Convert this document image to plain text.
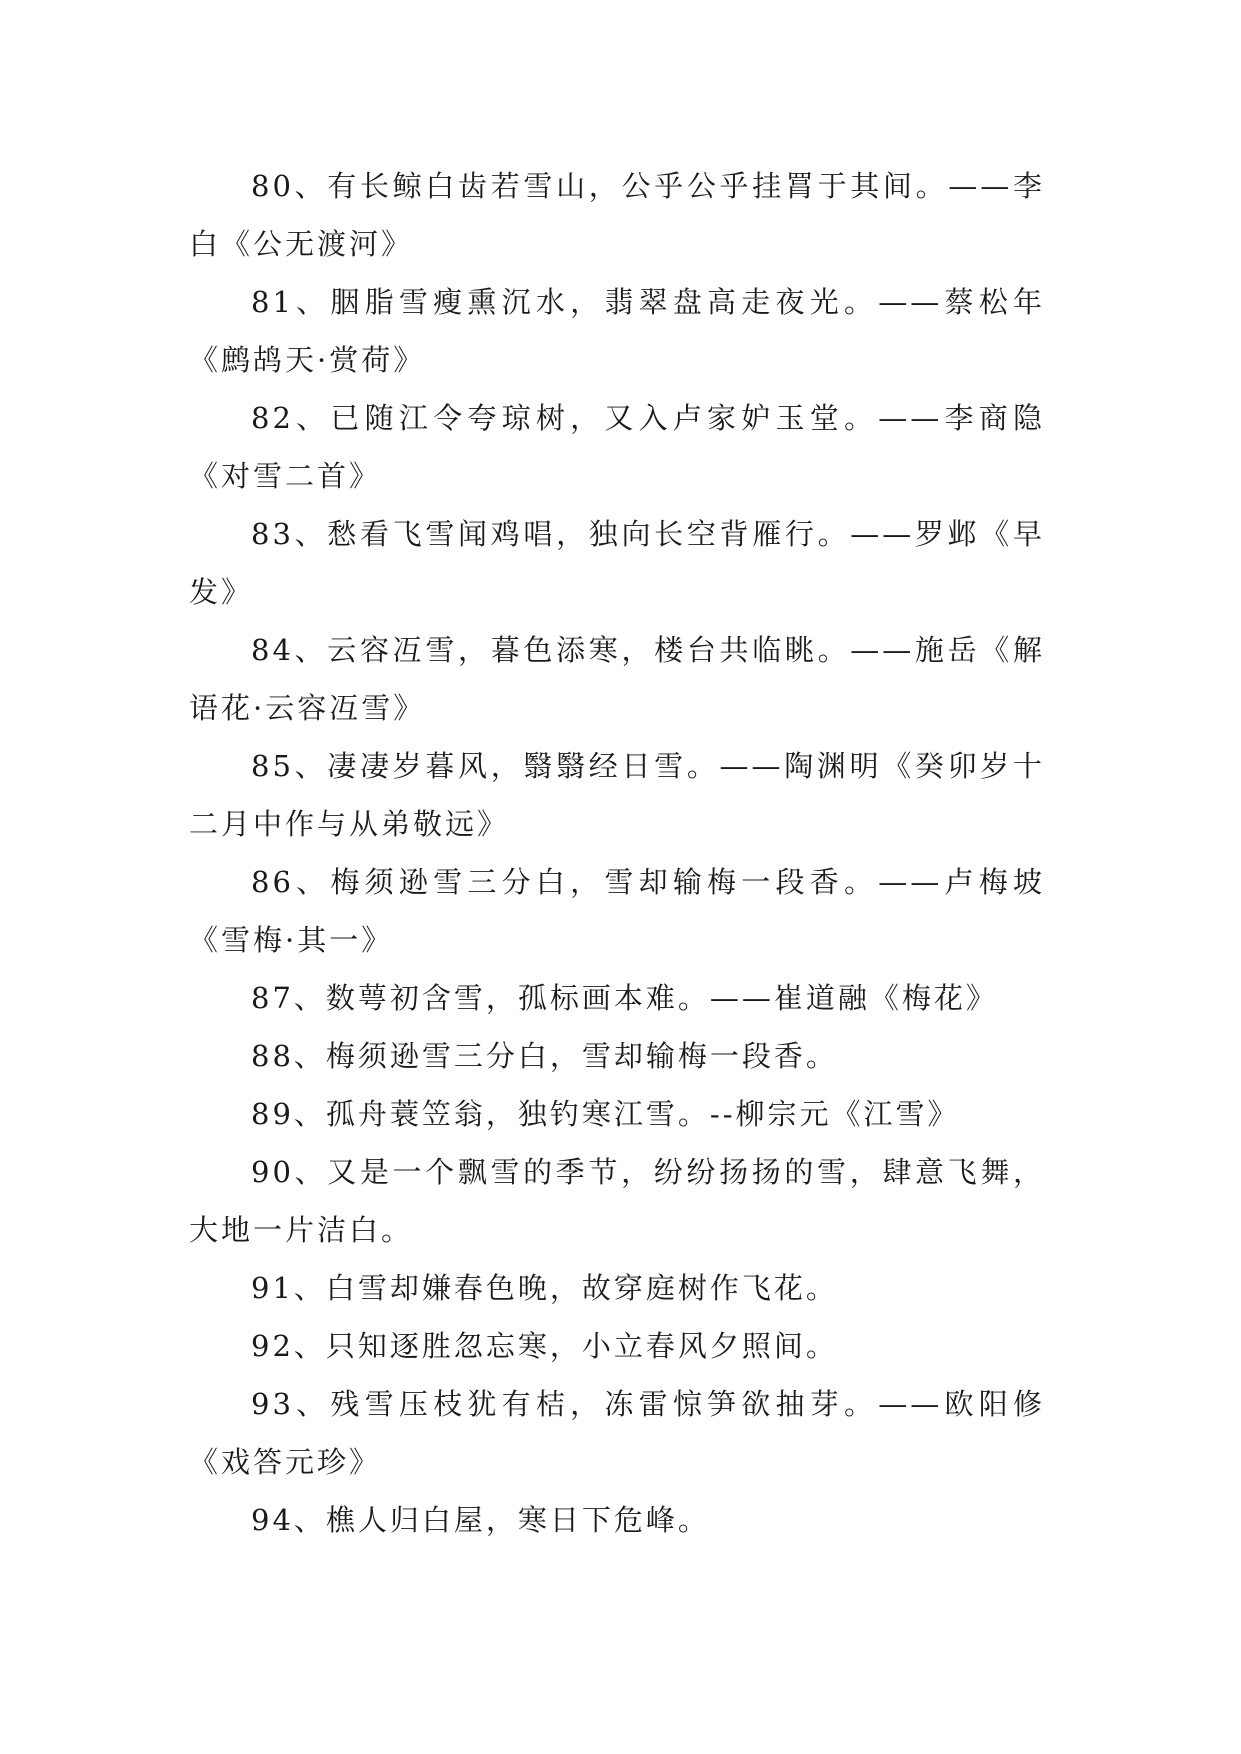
80、有长鲸白齿若雪山，公乎公乎挂罥于其间。——李白《公无渡河》

81、胭脂雪瘦熏沉水，翡翠盘高走夜光。——蔡松年《鹧鸪天·赏荷》

82、已随江令夸琼树，又入卢家妒玉堂。——李商隐《对雪二首》

83、愁看飞雪闻鸡唱，独向长空背雁行。——罗邺《早发》

84、云容冱雪，暮色添寒，楼台共临眺。——施岳《解语花·云容冱雪》

85、凄凄岁暮风，翳翳经日雪。——陶渊明《癸卯岁十二月中作与从弟敬远》

86、梅须逊雪三分白，雪却输梅一段香。——卢梅坡《雪梅·其一》

87、数萼初含雪，孤标画本难。——崔道融《梅花》

88、梅须逊雪三分白，雪却输梅一段香。

89、孤舟蓑笠翁，独钓寒江雪。--柳宗元《江雪》

90、又是一个飘雪的季节，纷纷扬扬的雪，肆意飞舞，大地一片洁白。

91、白雪却嫌春色晚，故穿庭树作飞花。

92、只知逐胜忽忘寒，小立春风夕照间。

93、残雪压枝犹有桔，冻雷惊笋欲抽芽。——欧阳修《戏答元珍》

94、樵人归白屋，寒日下危峰。
